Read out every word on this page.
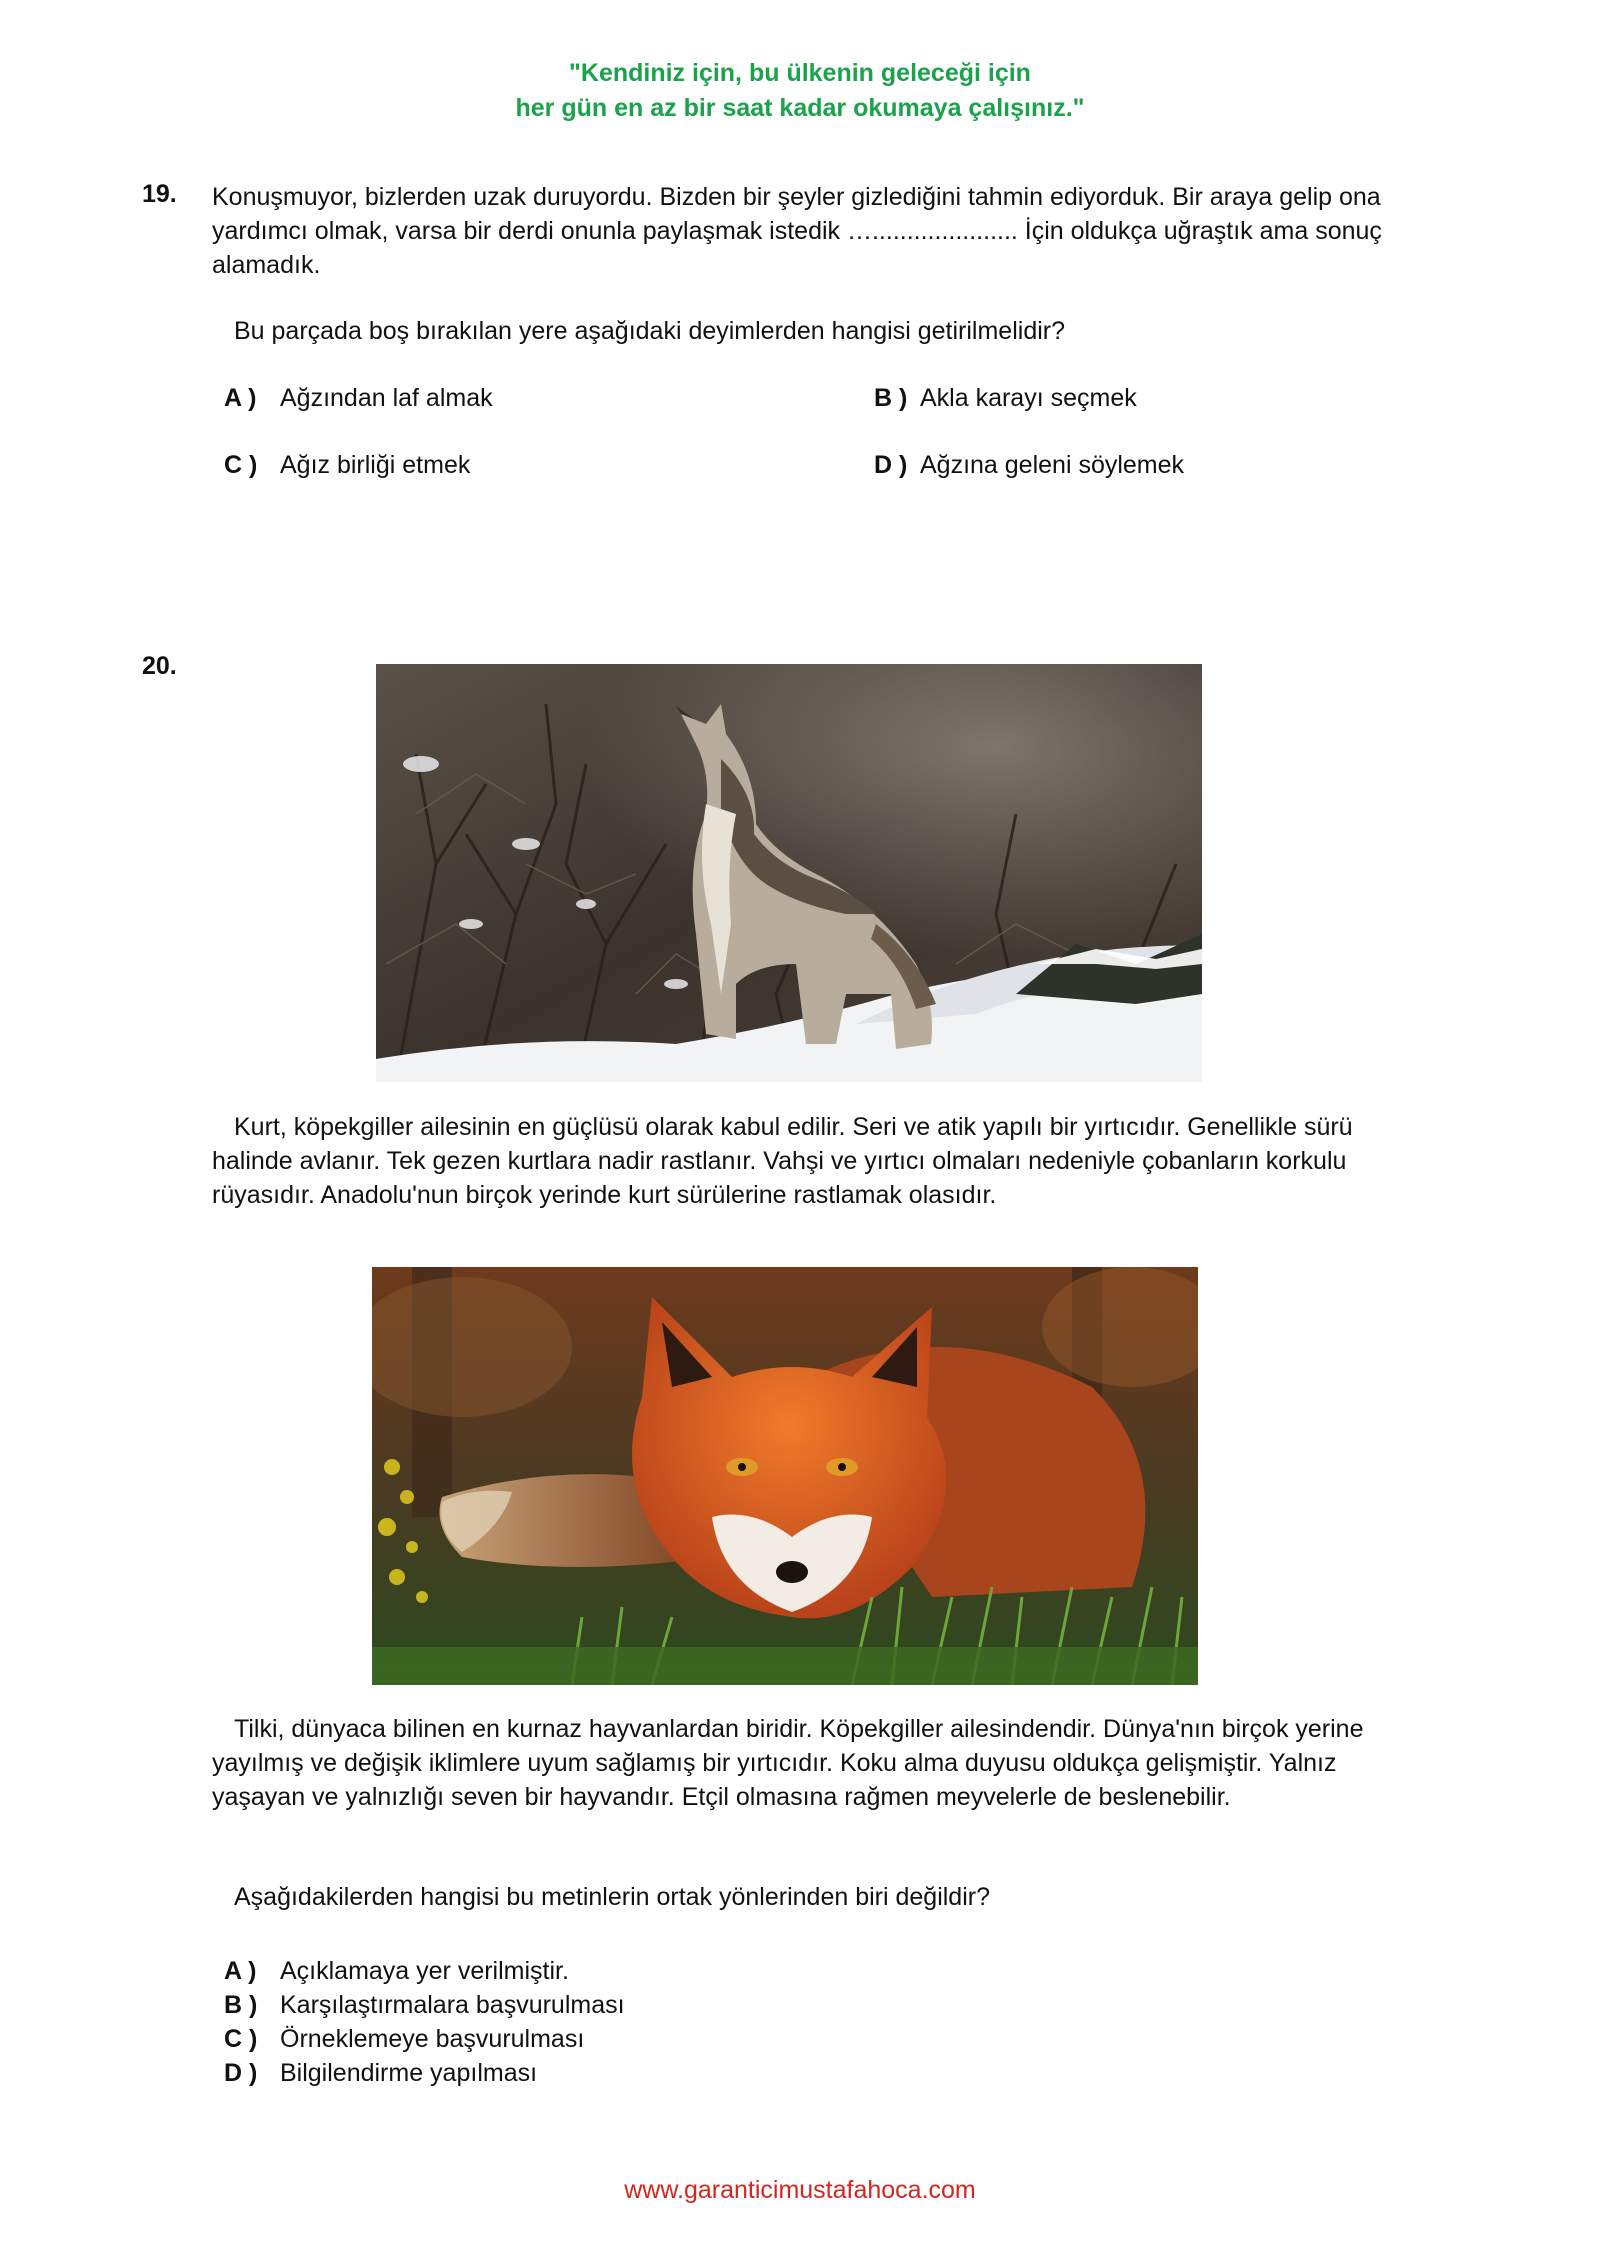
"Kendiniz için, bu ülkenin geleceği için
her gün en az bir saat kadar okumaya çalışınız."
19. Konuşmuyor, bizlerden uzak duruyordu. Bizden bir şeyler gizlediğini tahmin ediyorduk. Bir araya gelip ona yardımcı olmak, varsa bir derdi onunla paylaşmak istedik …..................... İçin oldukça uğraştık ama sonuç alamadık.
Bu parçada boş bırakılan yere aşağıdaki deyimlerden hangisi getirilmelidir?
A ) Ağzından laf almak	B ) Akla karayı seçmek
C ) Ağız birliği etmek	D ) Ağzına geleni söylemek
20.
Kurt, köpekgiller ailesinin en güçlüsü olarak kabul edilir. Seri ve atik yapılı bir yırtıcıdır. Genellikle sürü halinde avlanır. Tek gezen kurtlara nadir rastlanır. Vahşi ve yırtıcı olmaları nedeniyle çobanların korkulu rüyasıdır. Anadolu'nun birçok yerinde kurt sürülerine rastlamak olasıdır.
Tilki, dünyaca bilinen en kurnaz hayvanlardan biridir. Köpekgiller ailesindendir. Dünya'nın birçok yerine yayılmış ve değişik iklimlere uyum sağlamış bir yırtıcıdır. Koku alma duyusu oldukça gelişmiştir. Yalnız yaşayan ve yalnızlığı seven bir hayvandır. Etçil olmasına rağmen meyvelerle de beslenebilir.
Aşağıdakilerden hangisi bu metinlerin ortak yönlerinden biri değildir?
A ) Açıklamaya yer verilmiştir.
B ) Karşılaştırmalara başvurulması
C ) Örneklemeye başvurulması
D ) Bilgilendirme yapılması
www.garanticimustafahoca.com
